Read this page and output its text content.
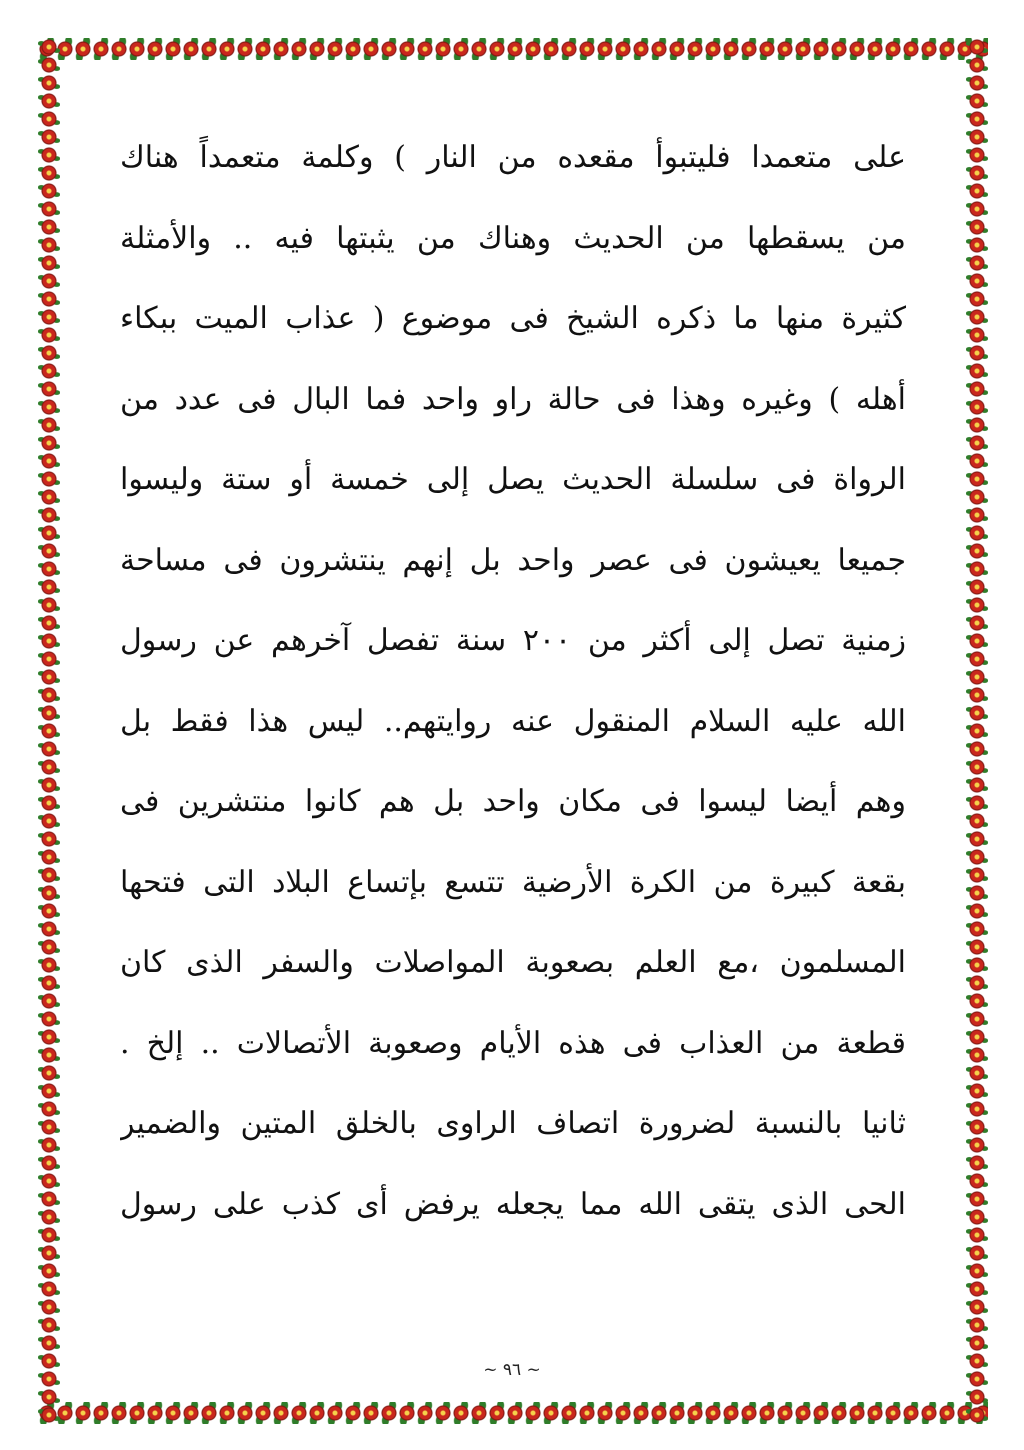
على متعمدا فليتبوأ مقعده من النار ) وكلمة متعمداً هناك
من يسقطها من الحديث وهناك من يثبتها فيه .. والأمثلة
كثيرة منها ما ذكره الشيخ فى موضوع ( عذاب الميت ببكاء
أهله ) وغيره وهذا فى حالة راو واحد فما البال فى عدد من
الرواة فى سلسلة الحديث يصل إلى خمسة أو ستة وليسوا
جميعا يعيشون فى عصر واحد بل إنهم ينتشرون فى مساحة
زمنية تصل إلى أكثر من ٢٠٠ سنة تفصل آخرهم عن رسول
الله عليه السلام المنقول عنه روايتهم.. ليس هذا فقط بل
وهم أيضا ليسوا فى مكان واحد بل هم كانوا منتشرين فى
بقعة كبيرة من الكرة الأرضية تتسع بإتساع البلاد التى فتحها
المسلمون ،مع العلم بصعوبة المواصلات والسفر الذى كان
قطعة من العذاب فى هذه الأيام وصعوبة الأتصالات .. إلخ .
ثانيا بالنسبة لضرورة اتصاف الراوى بالخلق المتين والضمير
الحى الذى يتقى الله مما يجعله يرفض أى كذب على رسول
~ ٩٦ ~
